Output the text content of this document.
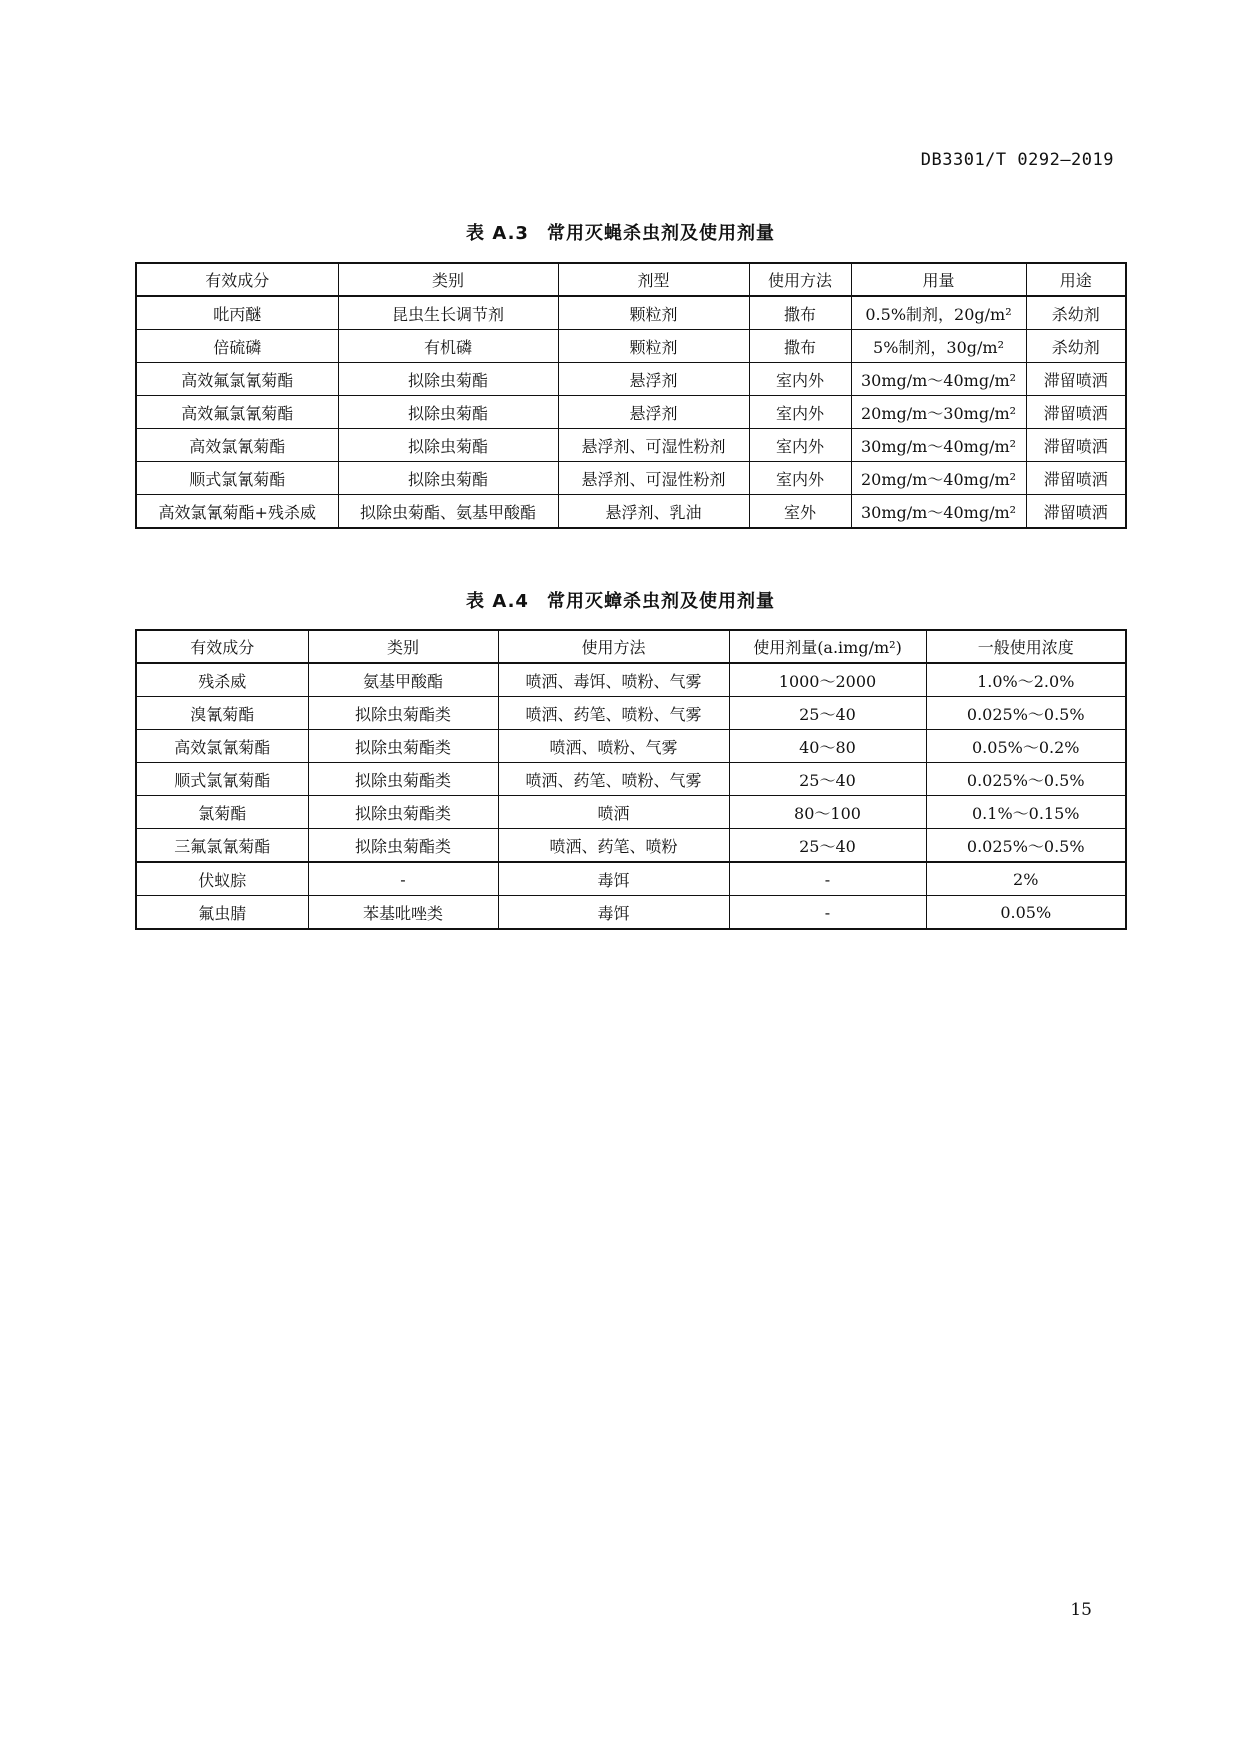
DB3301/T 0292—2019
表 A.3 常用灭蝇杀虫剂及使用剂量
有效成分	类别	剂型	使用方法	用量	用途
吡丙醚	昆虫生长调节剂	颗粒剂	撒布	0.5%制剂，20g/m²	杀幼剂
倍硫磷	有机磷	颗粒剂	撒布	5%制剂，30g/m²	杀幼剂
高效氟氯氰菊酯	拟除虫菊酯	悬浮剂	室内外	30mg/m～40mg/m²	滞留喷洒
高效氟氯氰菊酯	拟除虫菊酯	悬浮剂	室内外	20mg/m～30mg/m²	滞留喷洒
高效氯氰菊酯	拟除虫菊酯	悬浮剂、可湿性粉剂	室内外	30mg/m～40mg/m²	滞留喷洒
顺式氯氰菊酯	拟除虫菊酯	悬浮剂、可湿性粉剂	室内外	20mg/m～40mg/m²	滞留喷洒
高效氯氰菊酯+残杀威	拟除虫菊酯、氨基甲酸酯	悬浮剂、乳油	室外	30mg/m～40mg/m²	滞留喷洒
表 A.4 常用灭蟑杀虫剂及使用剂量
有效成分	类别	使用方法	使用剂量(a.img/m²)	一般使用浓度
残杀威	氨基甲酸酯	喷洒、毒饵、喷粉、气雾	1000～2000	1.0%～2.0%
溴氰菊酯	拟除虫菊酯类	喷洒、药笔、喷粉、气雾	25～40	0.025%～0.5%
高效氯氰菊酯	拟除虫菊酯类	喷洒、喷粉、气雾	40～80	0.05%～0.2%
顺式氯氰菊酯	拟除虫菊酯类	喷洒、药笔、喷粉、气雾	25～40	0.025%～0.5%
氯菊酯	拟除虫菊酯类	喷洒	80～100	0.1%～0.15%
三氟氯氰菊酯	拟除虫菊酯类	喷洒、药笔、喷粉	25～40	0.025%～0.5%
伏蚁腙	-	毒饵	-	2%
氟虫腈	苯基吡唑类	毒饵	-	0.05%
15
